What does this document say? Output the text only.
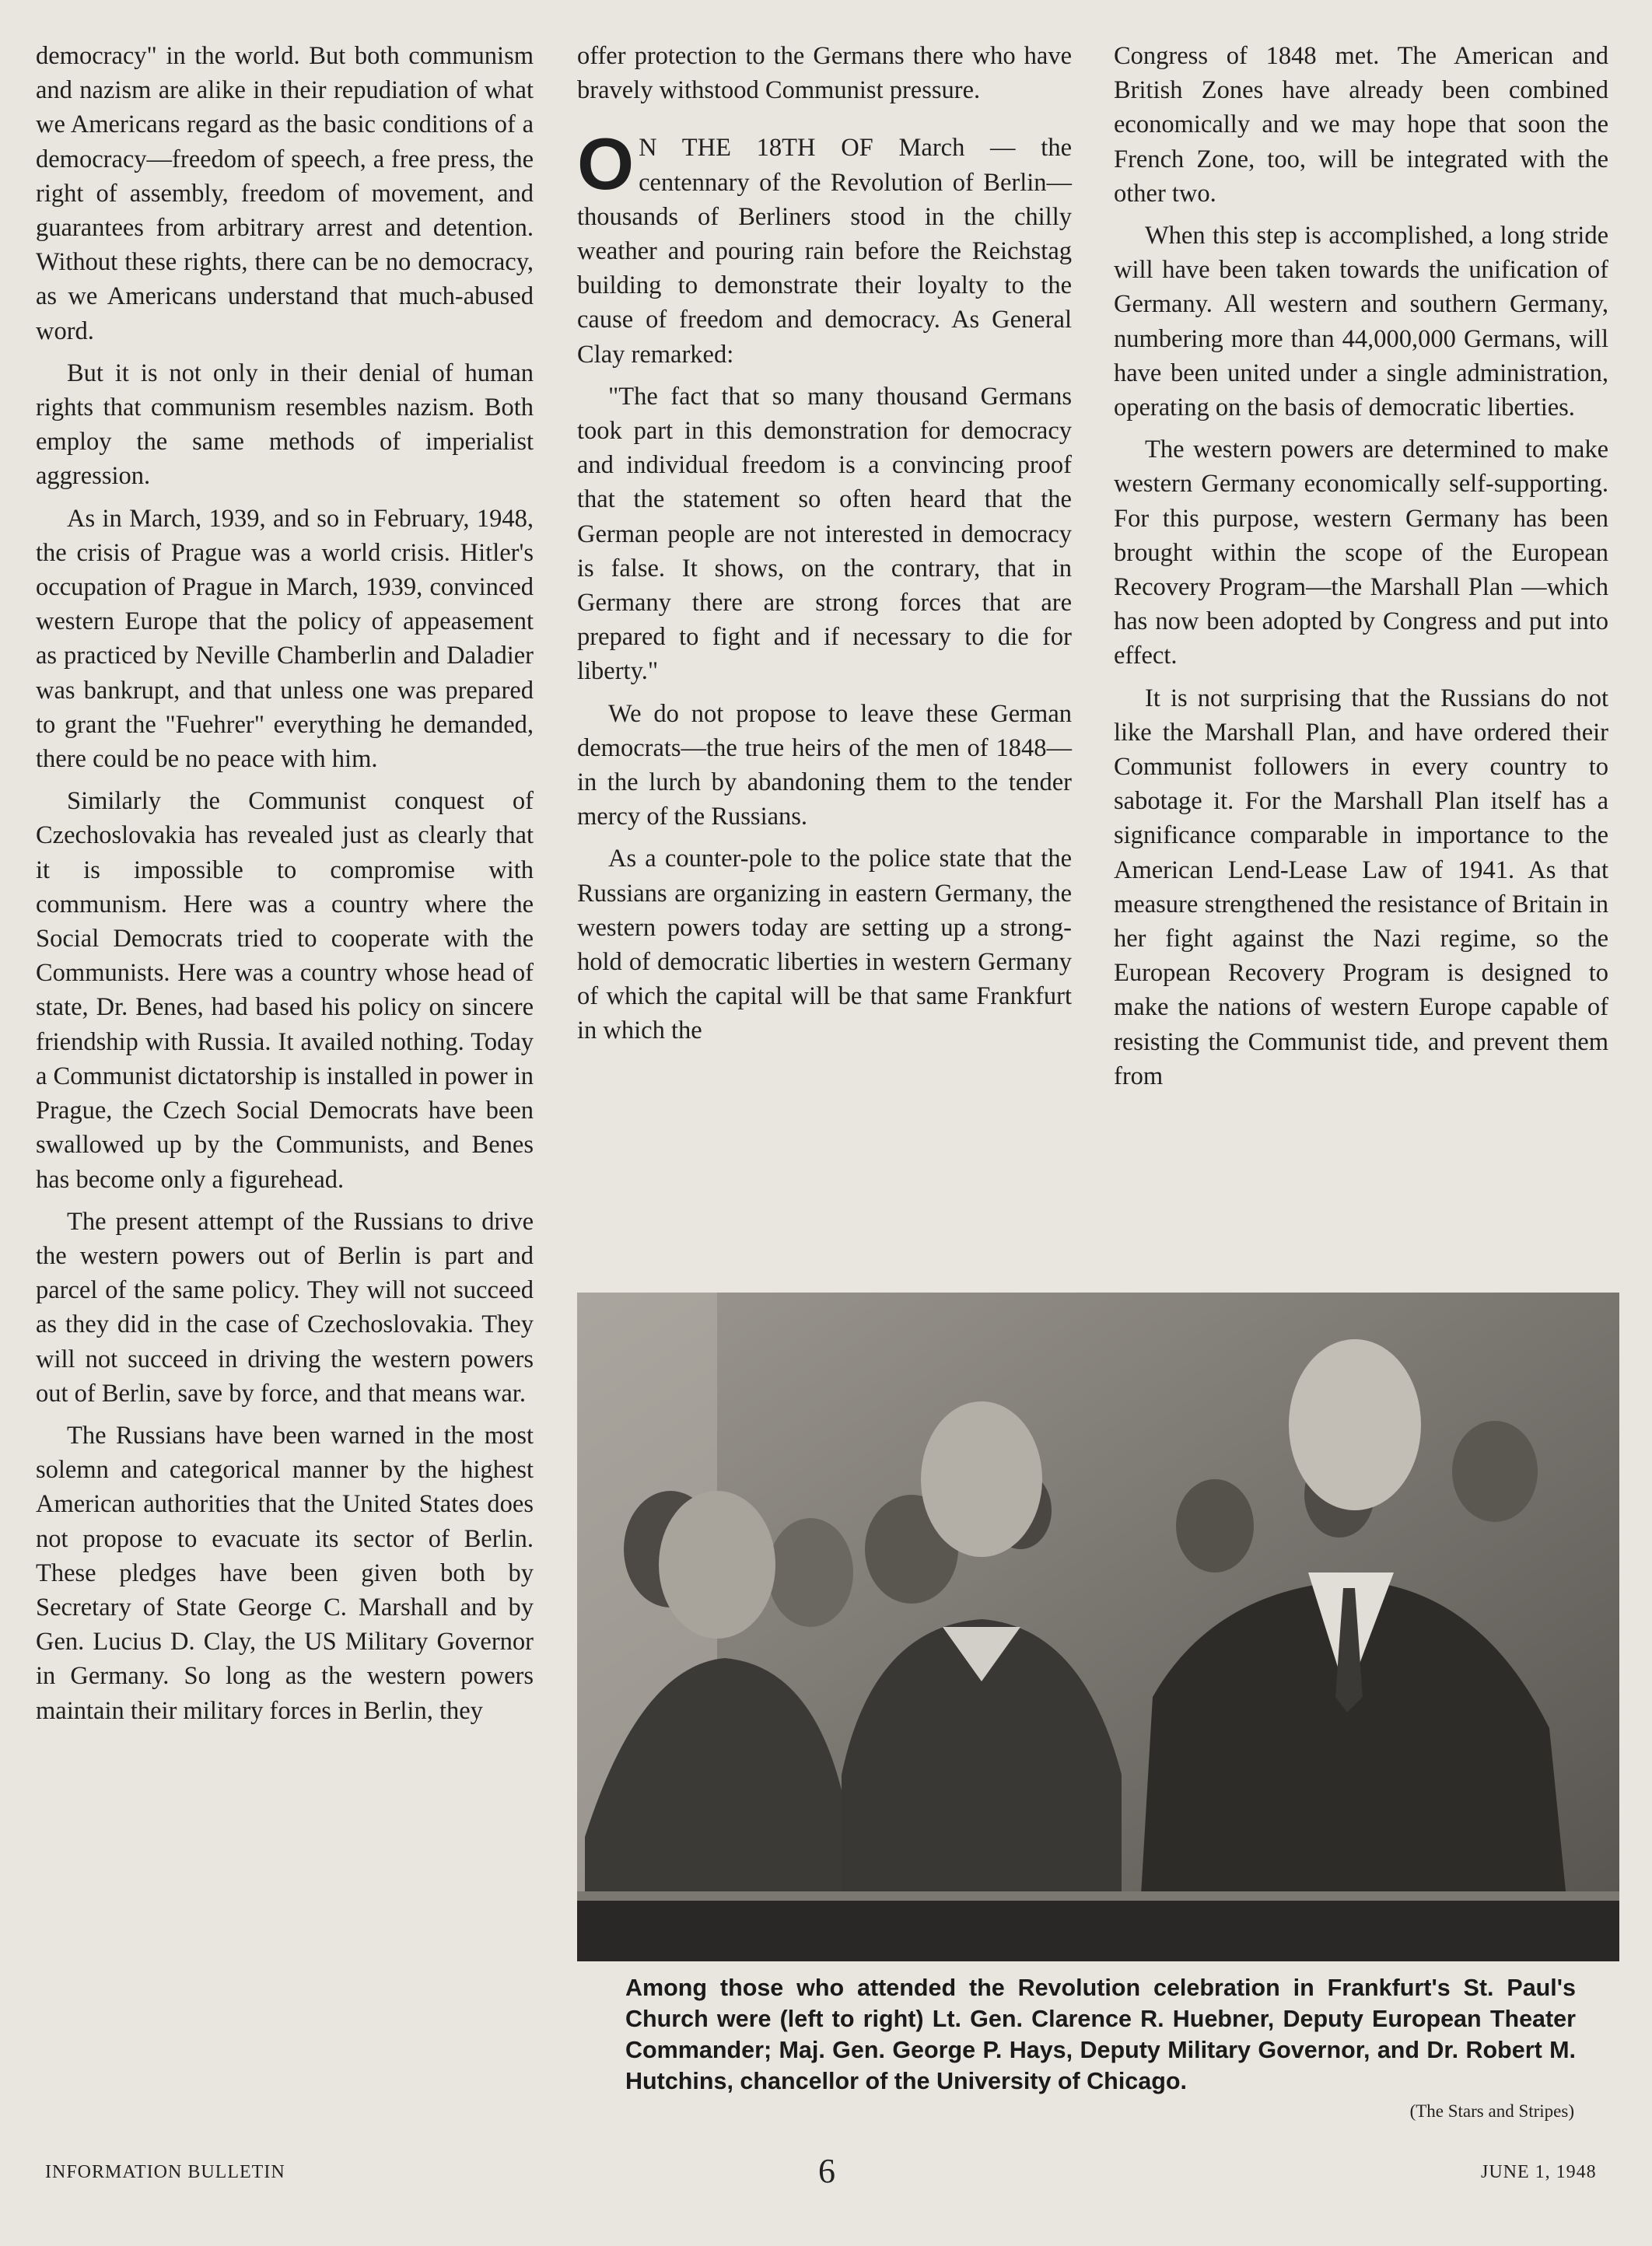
democracy" in the world. But both communism and nazism are alike in their repudiation of what we Americans regard as the basic conditions of a democracy—freedom of speech, a free press, the right of assembly, freedom of movement, and guarantees from arbitrary arrest and detention. Without these rights, there can be no democracy, as we Americans understand that much-abused word.

But it is not only in their denial of human rights that communism resembles nazism. Both employ the same methods of imperialist aggression.

As in March, 1939, and so in February, 1948, the crisis of Prague was a world crisis. Hitler's occupation of Prague in March, 1939, convinced western Europe that the policy of appeasement as practiced by Neville Chamberlin and Daladier was bankrupt, and that unless one was prepared to grant the "Fuehrer" everything he demanded, there could be no peace with him.

Similarly the Communist conquest of Czechoslovakia has revealed just as clearly that it is impossible to compromise with communism. Here was a country where the Social Democrats tried to cooperate with the Communists. Here was a country whose head of state, Dr. Benes, had based his policy on sincere friendship with Russia. It availed nothing. Today a Communist dictatorship is installed in power in Prague, the Czech Social Democrats have been swallowed up by the Communists, and Benes has become only a figurehead.

The present attempt of the Russians to drive the western powers out of Berlin is part and parcel of the same policy. They will not succeed as they did in the case of Czechoslovakia. They will not succeed in driving the western powers out of Berlin, save by force, and that means war.

The Russians have been warned in the most solemn and categorical manner by the highest American authorities that the United States does not propose to evacuate its sector of Berlin. These pledges have been given both by Secretary of State George C. Marshall and by Gen. Lucius D. Clay, the US Military Governor in Germany. So long as the western powers maintain their military forces in Berlin, they

offer protection to the Germans there who have bravely withstood Communist pressure.

O N THE 18TH OF March — the centennary of the Revolution of Berlin—thousands of Berliners stood in the chilly weather and pouring rain before the Reichstag building to demonstrate their loyalty to the cause of freedom and democracy. As General Clay remarked:

"The fact that so many thousand Germans took part in this demonstration for democracy and individual freedom is a convincing proof that the statement so often heard that the German people are not interested in democracy is false. It shows, on the contrary, that in Germany there are strong forces that are prepared to fight and if necessary to die for liberty."

We do not propose to leave these German democrats—the true heirs of the men of 1848—in the lurch by abandoning them to the tender mercy of the Russians.

As a counter-pole to the police state that the Russians are organizing in eastern Germany, the western powers today are setting up a strong-hold of democratic liberties in western Germany of which the capital will be that same Frankfurt in which the

Congress of 1848 met. The American and British Zones have already been combined economically and we may hope that soon the French Zone, too, will be integrated with the other two.

When this step is accomplished, a long stride will have been taken towards the unification of Germany. All western and southern Germany, numbering more than 44,000,000 Germans, will have been united under a single administration, operating on the basis of democratic liberties.

The western powers are determined to make western Germany economically self-supporting. For this purpose, western Germany has been brought within the scope of the European Recovery Program—the Marshall Plan —which has now been adopted by Congress and put into effect.

It is not surprising that the Russians do not like the Marshall Plan, and have ordered their Communist followers in every country to sabotage it. For the Marshall Plan itself has a significance comparable in importance to the American Lend-Lease Law of 1941. As that measure strengthened the resistance of Britain in her fight against the Nazi regime, so the European Recovery Program is designed to make the nations of western Europe capable of resisting the Communist tide, and prevent them from

Among those who attended the Revolution celebration in Frankfurt's St. Paul's Church were (left to right) Lt. Gen. Clarence R. Huebner, Deputy European Theater Commander; Maj. Gen. George P. Hays, Deputy Military Governor, and Dr. Robert M. Hutchins, chancellor of the University of Chicago.
(The Stars and Stripes)
INFORMATION BULLETIN	6	JUNE 1, 1948
